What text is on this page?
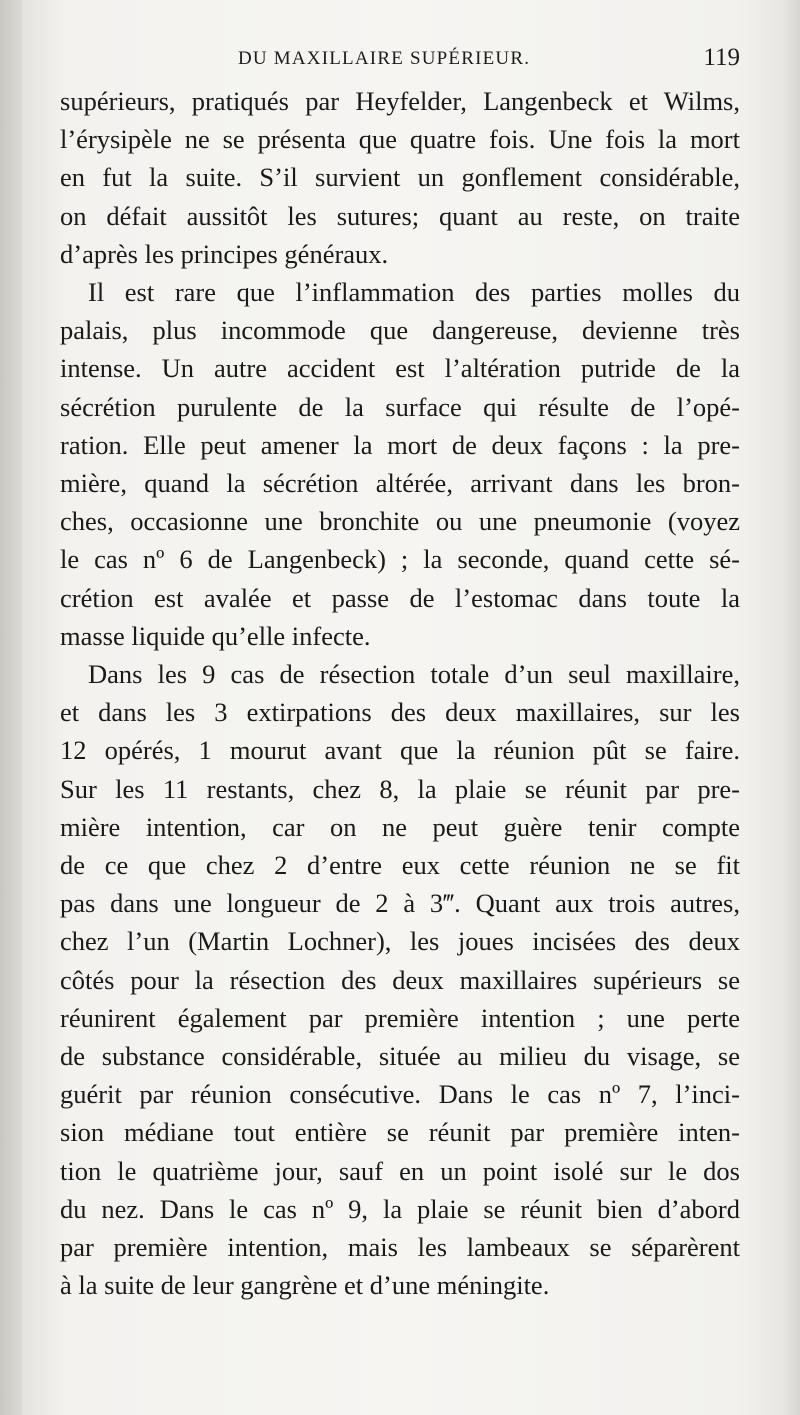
DU MAXILLAIRE SUPÉRIEUR.	119

supérieurs, pratiqués par Heyfelder, Langenbeck et Wilms,

l’érysipèle ne se présenta que quatre fois. Une fois la mort

en fut la suite. S’il survient un gonflement considérable,

on défait aussitôt les sutures; quant au reste, on traite

d’après les principes généraux.

Il est rare que l’inflammation des parties molles du

palais, plus incommode que dangereuse, devienne très

intense. Un autre accident est l’altération putride de la

sécrétion purulente de la surface qui résulte de l’opé-

ration. Elle peut amener la mort de deux façons : la pre-

mière, quand la sécrétion altérée, arrivant dans les bron-

ches, occasionne une bronchite ou une pneumonie (voyez

le cas nº 6 de Langenbeck) ; la seconde, quand cette sé-

crétion est avalée et passe de l’estomac dans toute la

masse liquide qu’elle infecte.

Dans les 9 cas de résection totale d’un seul maxillaire,

et dans les 3 extirpations des deux maxillaires, sur les

12 opérés, 1 mourut avant que la réunion pût se faire.

Sur les 11 restants, chez 8, la plaie se réunit par pre-

mière intention, car on ne peut guère tenir compte

de ce que chez 2 d’entre eux cette réunion ne se fit

pas dans une longueur de 2 à 3‴. Quant aux trois autres,

chez l’un (Martin Lochner), les joues incisées des deux

côtés pour la résection des deux maxillaires supérieurs se

réunirent également par première intention ; une perte

de substance considérable, située au milieu du visage, se

guérit par réunion consécutive. Dans le cas nº 7, l’inci-

sion médiane tout entière se réunit par première inten-

tion le quatrième jour, sauf en un point isolé sur le dos

du nez. Dans le cas nº 9, la plaie se réunit bien d’abord

par première intention, mais les lambeaux se séparèrent

à la suite de leur gangrène et d’une méningite.
